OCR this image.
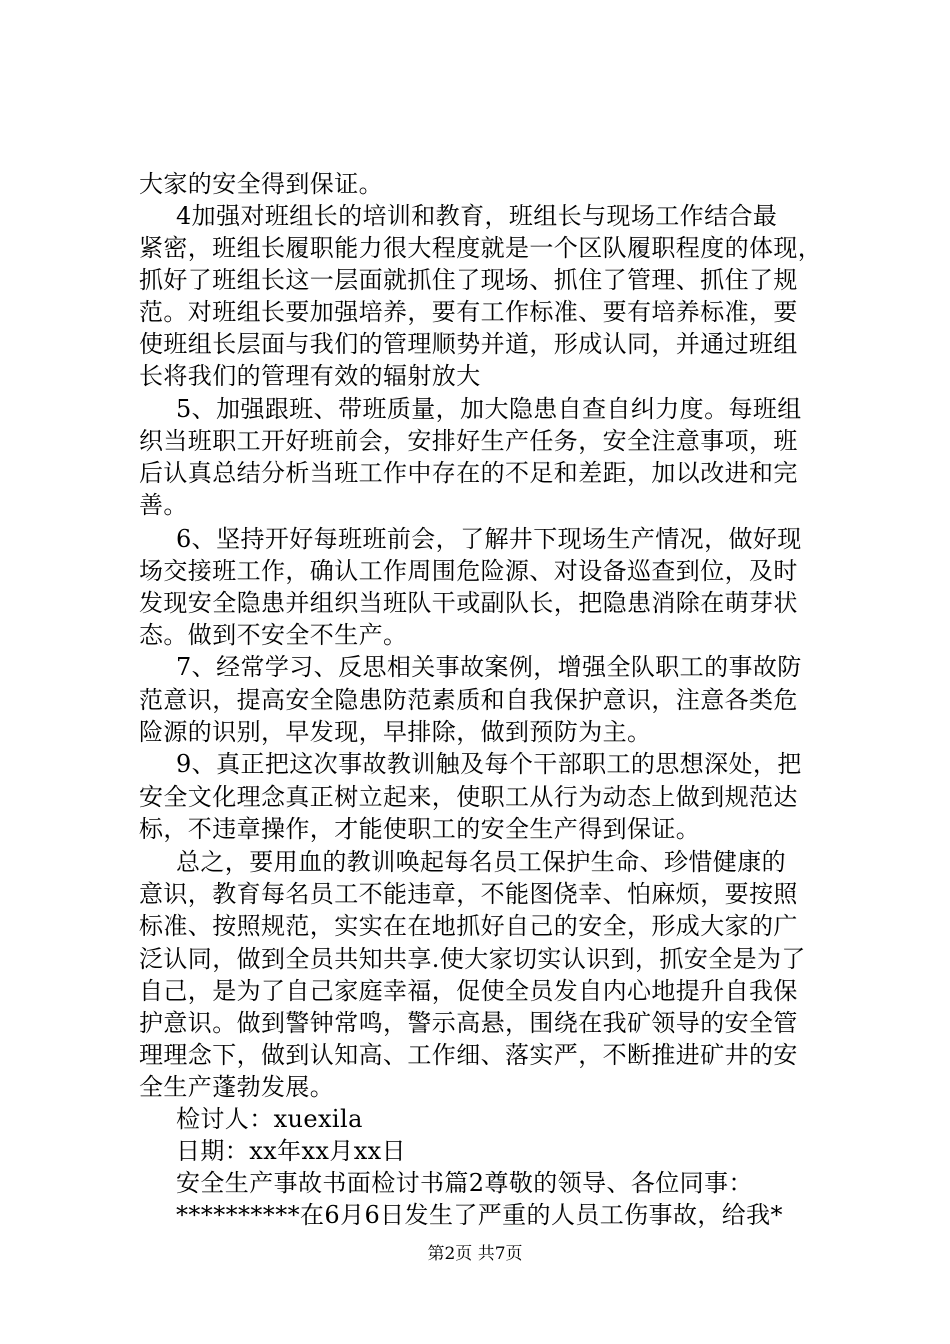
大家的安全得到保证。
4加强对班组长的培训和教育，班组长与现场工作结合最
紧密，班组长履职能力很大程度就是一个区队履职程度的体现，
抓好了班组长这一层面就抓住了现场、抓住了管理、抓住了规
范。对班组长要加强培养，要有工作标准、要有培养标准，要
使班组长层面与我们的管理顺势并道，形成认同，并通过班组
长将我们的管理有效的辐射放大
5、加强跟班、带班质量，加大隐患自查自纠力度。每班组
织当班职工开好班前会，安排好生产任务，安全注意事项，班
后认真总结分析当班工作中存在的不足和差距，加以改进和完
善。
6、坚持开好每班班前会，了解井下现场生产情况，做好现
场交接班工作，确认工作周围危险源、对设备巡查到位，及时
发现安全隐患并组织当班队干或副队长，把隐患消除在萌芽状
态。做到不安全不生产。
7、经常学习、反思相关事故案例，增强全队职工的事故防
范意识，提高安全隐患防范素质和自我保护意识，注意各类危
险源的识别，早发现，早排除，做到预防为主。
9、真正把这次事故教训触及每个干部职工的思想深处，把
安全文化理念真正树立起来，使职工从行为动态上做到规范达
标，不违章操作，才能使职工的安全生产得到保证。
总之，要用血的教训唤起每名员工保护生命、珍惜健康的
意识，教育每名员工不能违章，不能图侥幸、怕麻烦，要按照
标准、按照规范，实实在在地抓好自己的安全，形成大家的广
泛认同，做到全员共知共享.使大家切实认识到，抓安全是为了
自己，是为了自己家庭幸福，促使全员发自内心地提升自我保
护意识。做到警钟常鸣，警示高悬，围绕在我矿领导的安全管
理理念下，做到认知高、工作细、落实严，不断推进矿井的安
全生产蓬勃发展。
检讨人：xuexila
日期：xx年xx月xx日
安全生产事故书面检讨书篇2尊敬的领导、各位同事：
**********在6月6日发生了严重的人员工伤事故，给我*
第2页 共7页
